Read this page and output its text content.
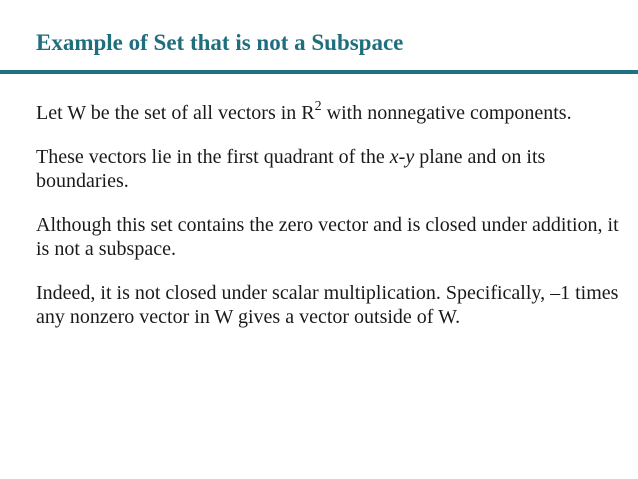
Example of Set that is not a Subspace

Let W be the set of all vectors in $R^2$ with nonnegative components.

These vectors lie in the first quadrant of the x-y plane and on its boundaries.

Although this set contains the zero vector and is closed under addition, it is not a subspace.

Indeed, it is not closed under scalar multiplication. Specifically, –1 times any nonzero vector in W gives a vector outside of W.
